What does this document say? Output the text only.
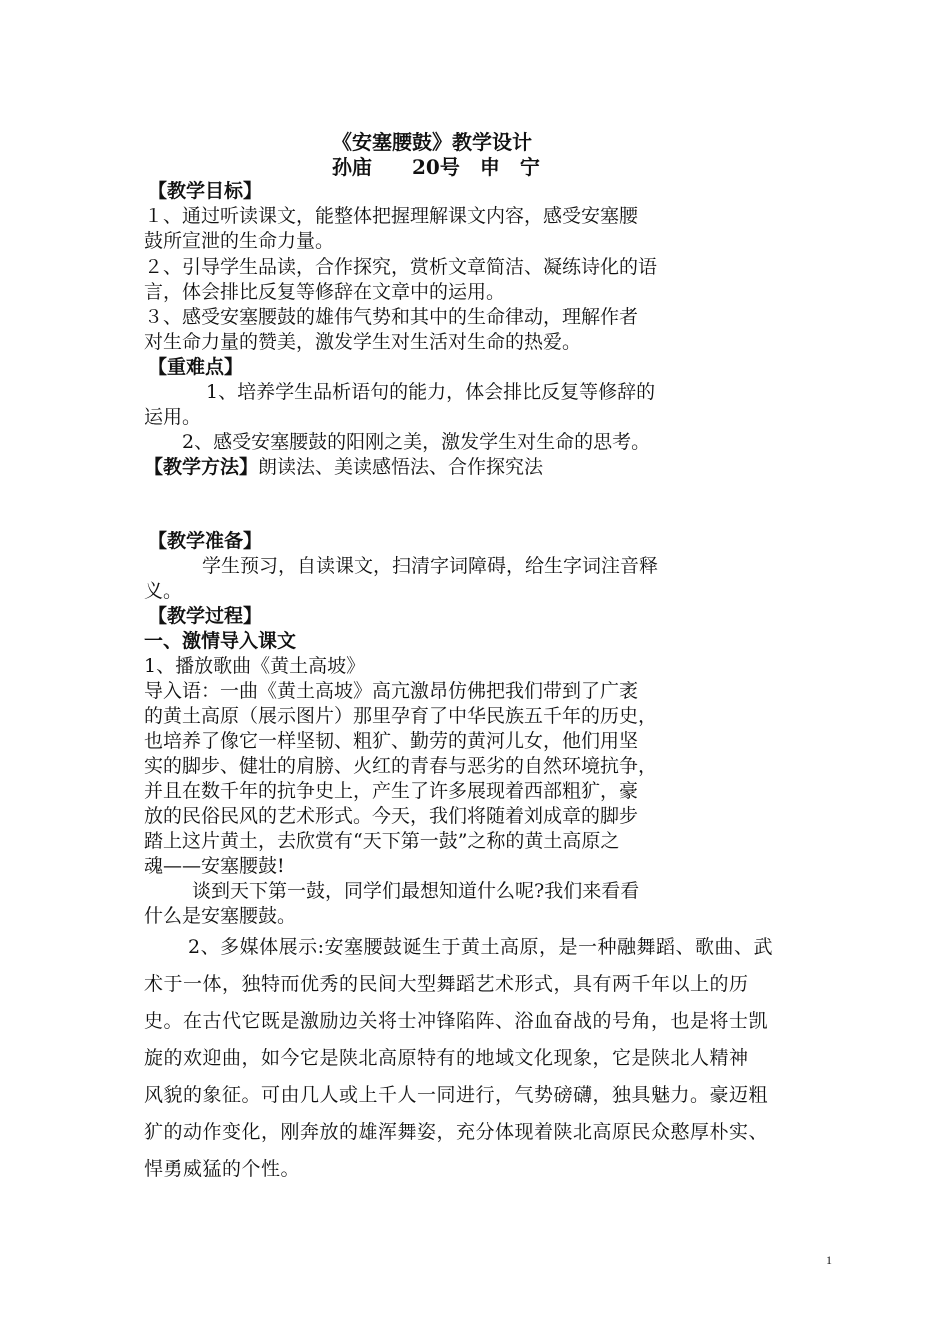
《安塞腰鼓》教学设计
孙庙　　20号　申　宁
【教学目标】
１、通过听读课文，能整体把握理解课文内容，感受安塞腰
鼓所宣泄的生命力量。
２、引导学生品读，合作探究，赏析文章简洁、凝练诗化的语
言，体会排比反复等修辞在文章中的运用。
３、感受安塞腰鼓的雄伟气势和其中的生命律动，理解作者
对生命力量的赞美，激发学生对生活对生命的热爱。
【重难点】
1、培养学生品析语句的能力，体会排比反复等修辞的
运用。
2、感受安塞腰鼓的阳刚之美，激发学生对生命的思考。
【教学方法】朗读法、美读感悟法、合作探究法
【教学准备】
学生预习，自读课文，扫清字词障碍，给生字词注音释
义。
【教学过程】
一、激情导入课文
1、播放歌曲《黄土高坡》
导入语：一曲《黄土高坡》高亢激昂仿佛把我们带到了广袤
的黄土高原（展示图片）那里孕育了中华民族五千年的历史，
也培养了像它一样坚韧、粗犷、勤劳的黄河儿女，他们用坚
实的脚步、健壮的肩膀、火红的青春与恶劣的自然环境抗争，
并且在数千年的抗争史上，产生了许多展现着西部粗犷，豪
放的民俗民风的艺术形式。今天，我们将随着刘成章的脚步
踏上这片黄土，去欣赏有“天下第一鼓”之称的黄土高原之
魂——安塞腰鼓!
谈到天下第一鼓，同学们最想知道什么呢?我们来看看
什么是安塞腰鼓。
2、多媒体展示:安塞腰鼓诞生于黄土高原，是一种融舞蹈、歌曲、武
术于一体，独特而优秀的民间大型舞蹈艺术形式，具有两千年以上的历
史。在古代它既是激励边关将士冲锋陷阵、浴血奋战的号角，也是将士凯
旋的欢迎曲，如今它是陕北高原特有的地域文化现象，它是陕北人精神
风貌的象征。可由几人或上千人一同进行，气势磅礴，独具魅力。豪迈粗
犷的动作变化，刚奔放的雄浑舞姿，充分体现着陕北高原民众憨厚朴实、
悍勇威猛的个性。
1
